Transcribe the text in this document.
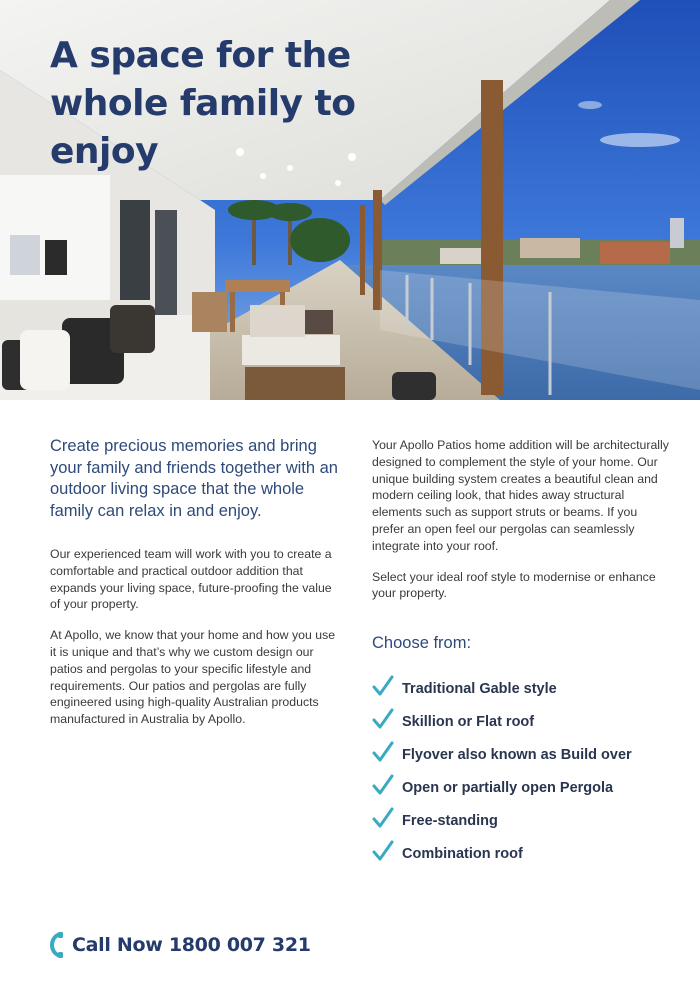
A space for the
whole family to enjoy

Create precious memories and bring your family and friends together with an outdoor living space that the whole family can relax in and enjoy.

Our experienced team will work with you to create a comfortable and practical outdoor addition that expands your living space, future-proofing the value of your property.

At Apollo, we know that your home and how you use it is unique and that’s why we custom design our patios and pergolas to your specific lifestyle and requirements. Our patios and pergolas are fully engineered using high-quality Australian products manufactured in Australia by Apollo.

Your Apollo Patios home addition will be architecturally designed to complement the style of your home. Our unique building system creates a beautiful clean and modern ceiling look, that hides away structural elements such as support struts or beams. If you prefer an open feel our pergolas can seamlessly integrate into your roof.

Select your ideal roof style to modernise or enhance your property.

Choose from:
Traditional Gable style
Skillion or Flat roof
Flyover also known as Build over
Open or partially open Pergola
Free-standing
Combination roof
Call Now 1800 007 321
